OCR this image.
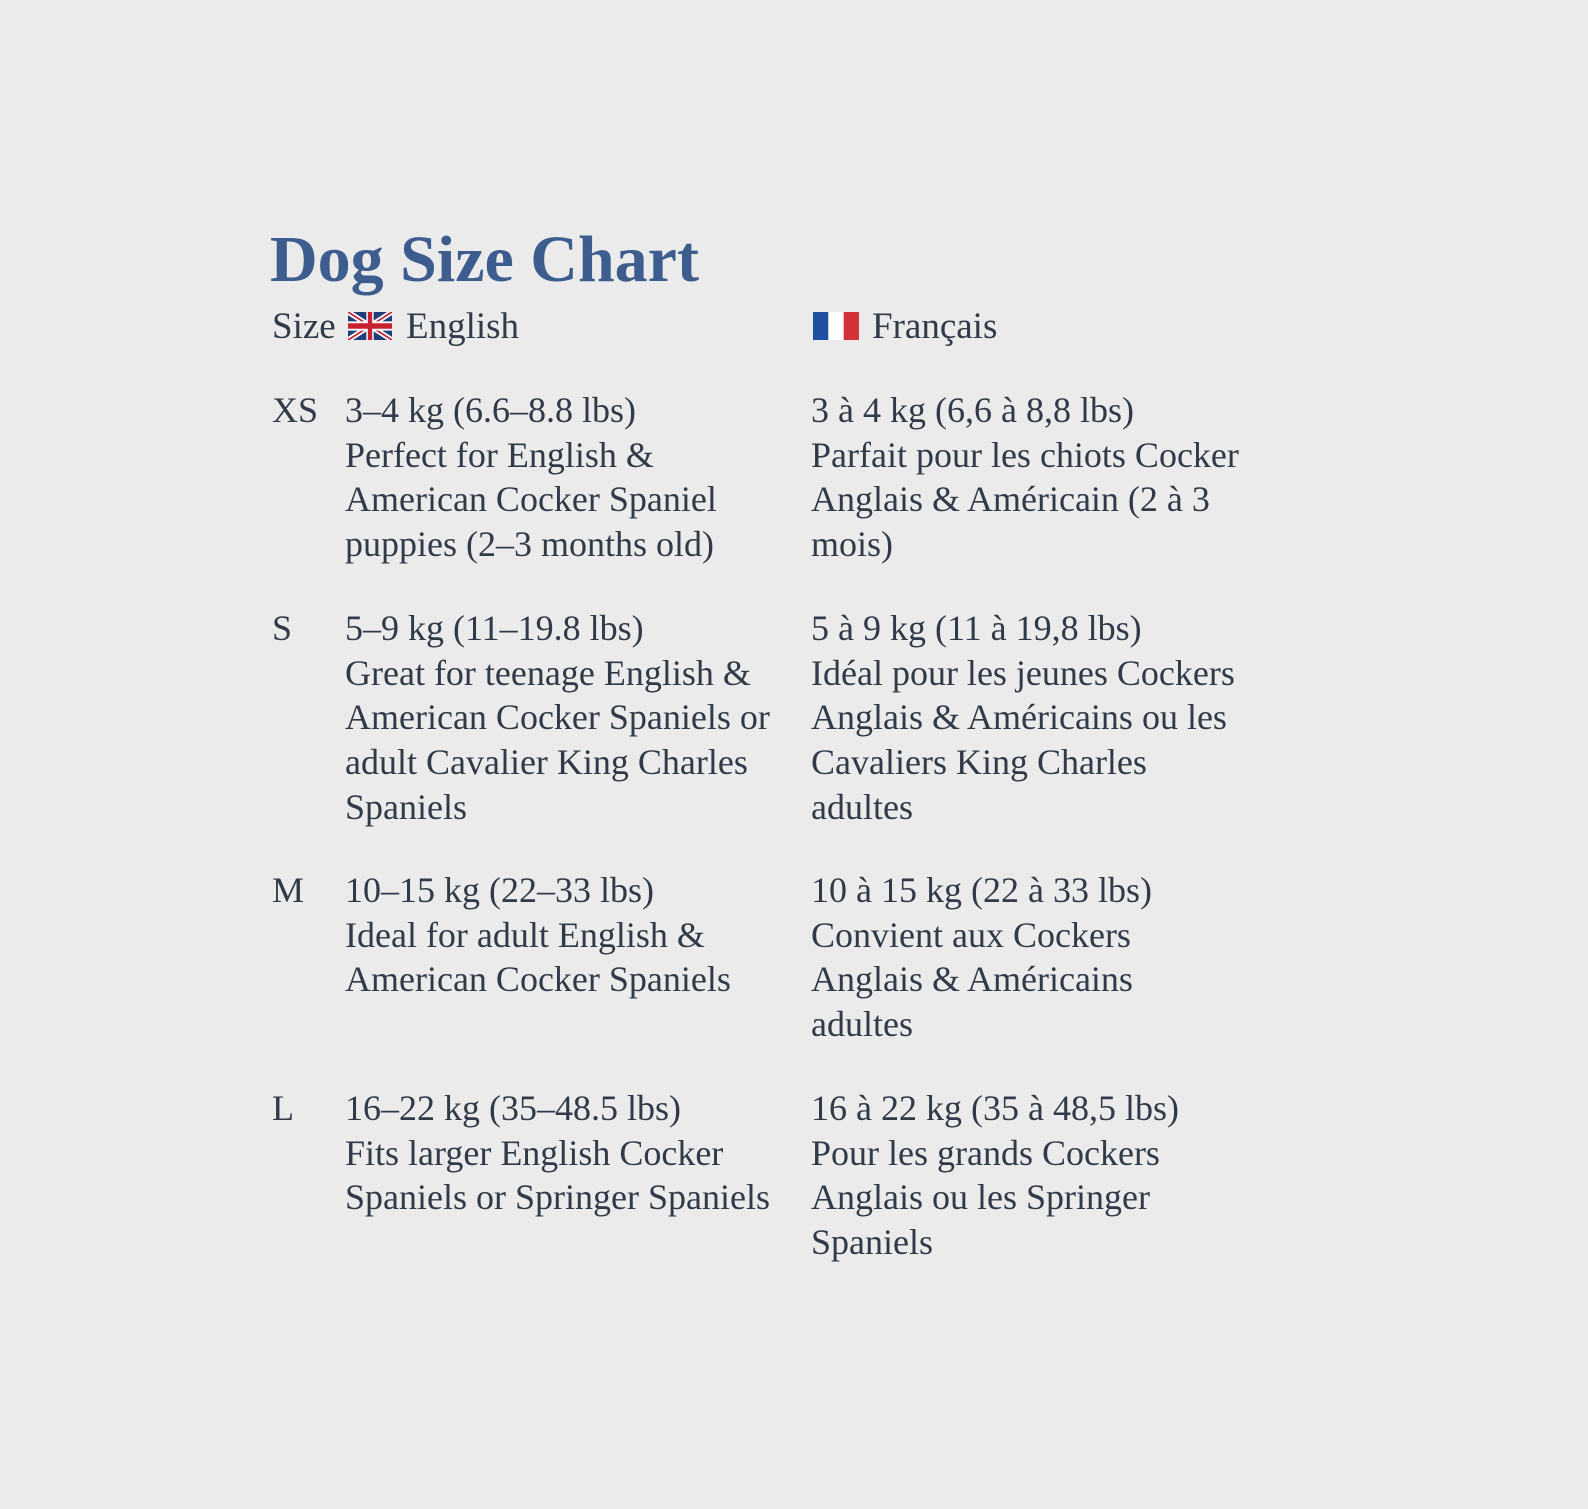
Dog Size Chart
Size English	Français
XS 3–4 kg (6.6–8.8 lbs)
Perfect for English &
American Cocker Spaniel
puppies (2–3 months old)
3 à 4 kg (6,6 à 8,8 lbs)
Parfait pour les chiots Cocker
Anglais & Américain (2 à 3
mois)
S 5–9 kg (11–19.8 lbs)
Great for teenage English &
American Cocker Spaniels or
adult Cavalier King Charles
Spaniels
5 à 9 kg (11 à 19,8 lbs)
Idéal pour les jeunes Cockers
Anglais & Américains ou les
Cavaliers King Charles
adultes
M 10–15 kg (22–33 lbs)
Ideal for adult English &
American Cocker Spaniels
10 à 15 kg (22 à 33 lbs)
Convient aux Cockers
Anglais & Américains
adultes
L 16–22 kg (35–48.5 lbs)
Fits larger English Cocker
Spaniels or Springer Spaniels
16 à 22 kg (35 à 48,5 lbs)
Pour les grands Cockers
Anglais ou les Springer
Spaniels
